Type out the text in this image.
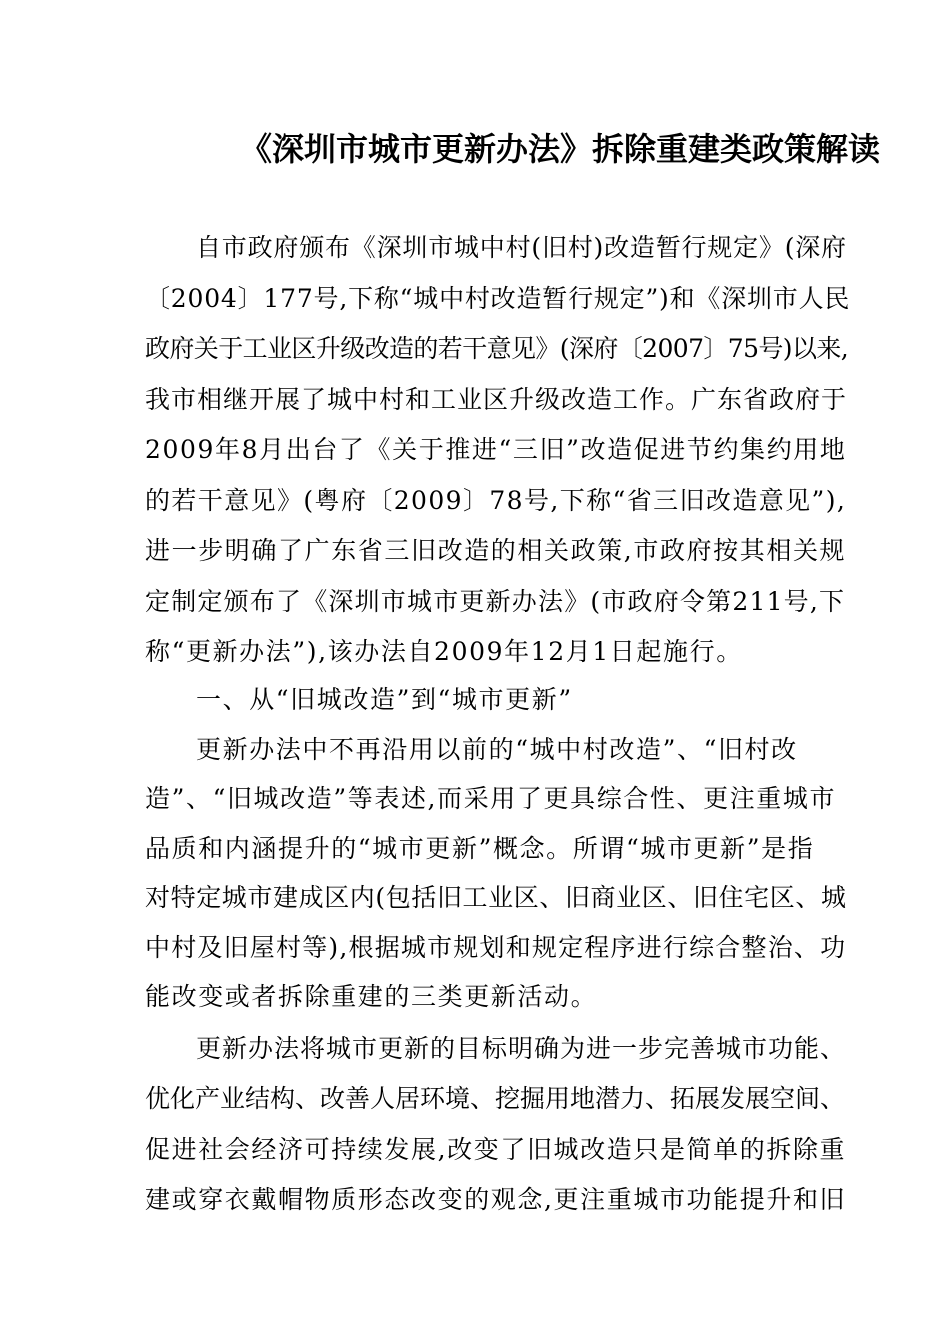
《深圳市城市更新办法》拆除重建类政策解读
自市政府颁布《深圳市城中村(旧村)改造暂行规定》(深府
〔2004〕177号,下称“城中村改造暂行规定”)和《深圳市人民
政府关于工业区升级改造的若干意见》(深府〔2007〕75号)以来,
我市相继开展了城中村和工业区升级改造工作。广东省政府于
2009年8月出台了《关于推进“三旧”改造促进节约集约用地
的若干意见》(粤府〔2009〕78号,下称“省三旧改造意见”),
进一步明确了广东省三旧改造的相关政策,市政府按其相关规
定制定颁布了《深圳市城市更新办法》(市政府令第211号,下
称“更新办法”),该办法自2009年12月1日起施行。
一、从“旧城改造”到“城市更新”
更新办法中不再沿用以前的“城中村改造”、“旧村改
造”、“旧城改造”等表述,而采用了更具综合性、更注重城市
品质和内涵提升的“城市更新”概念。所谓“城市更新”是指
对特定城市建成区内(包括旧工业区、旧商业区、旧住宅区、城
中村及旧屋村等),根据城市规划和规定程序进行综合整治、功
能改变或者拆除重建的三类更新活动。
更新办法将城市更新的目标明确为进一步完善城市功能、
优化产业结构、改善人居环境、挖掘用地潜力、拓展发展空间、
促进社会经济可持续发展,改变了旧城改造只是简单的拆除重
建或穿衣戴帽物质形态改变的观念,更注重城市功能提升和旧
